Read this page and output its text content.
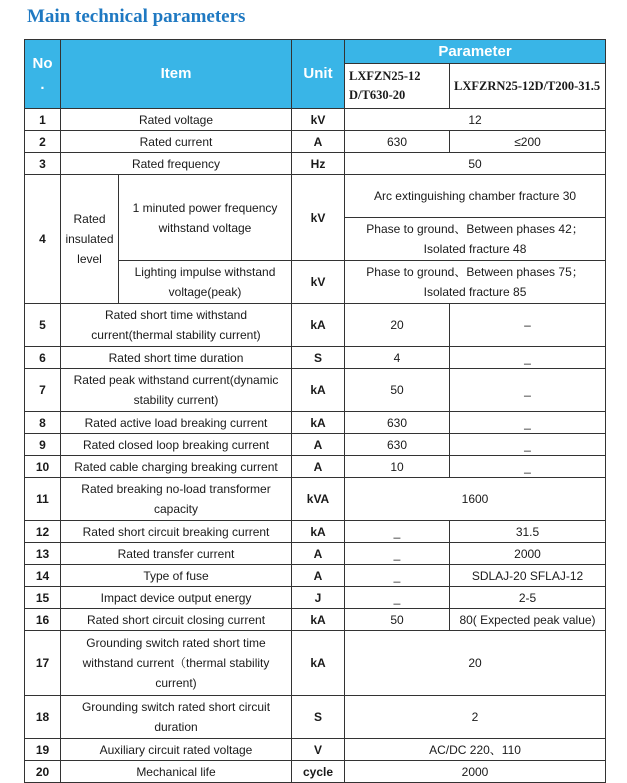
Main technical parameters
No
.	Item		Unit	Parameter	
				LXFZN25-12 D/T630-20	LXFZRN25-12D/T200-31.5
1	Rated voltage		kV	12	
2	Rated current		A	630	≤200
3	Rated frequency		Hz	50	
4	Rated insulated level	1 minuted power frequency withstand voltage	kV	Arc extinguishing chamber fracture 30	
				Phase to ground、Between phases 42；Isolated fracture 48	
		Lighting impulse withstand voltage(peak)	kV	Phase to ground、Between phases 75；Isolated fracture 85	
5	Rated short time withstand current(thermal stability current)		kA	20	–
6	Rated short time duration		S	4	_
7	Rated peak withstand current(dynamic stability current)		kA	50	_
8	Rated active load breaking current		kA	630	_
9	Rated closed loop breaking current		A	630	_
10	Rated cable charging breaking current		A	10	_
11	Rated breaking no-load transformer capacity		kVA	1600	
12	Rated short circuit breaking current		kA	_	31.5
13	Rated transfer current		A	_	2000
14	Type of fuse		A	_	SDLAJ-20 SFLAJ-12
15	Impact device output energy		J	_	2-5
16	Rated short circuit closing current		kA	50	80( Expected peak value)
17	Grounding switch rated short time withstand current（thermal stability current)		kA	20	
18	Grounding switch rated short circuit duration		S	2	
19	Auxiliary circuit rated voltage		V	AC/DC 220、110	
20	Mechanical life		cycle	2000	
